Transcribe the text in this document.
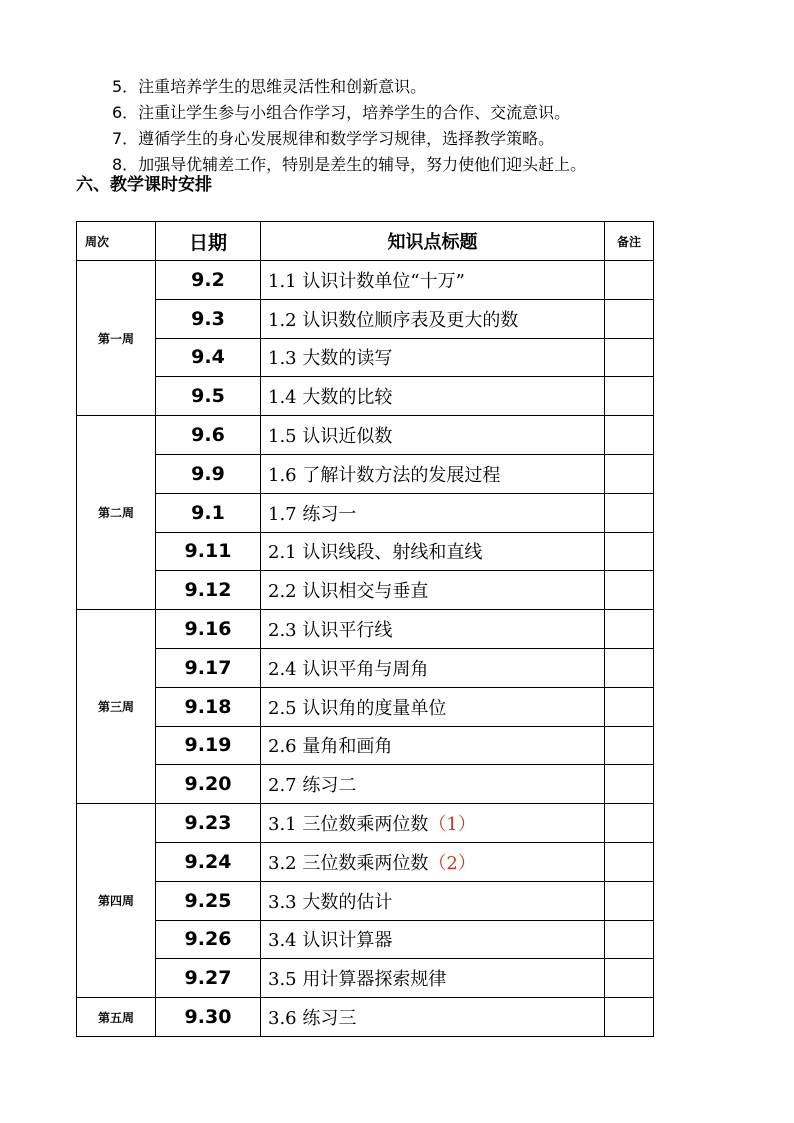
5．注重培养学生的思维灵活性和创新意识。
6．注重让学生参与小组合作学习，培养学生的合作、交流意识。
7．遵循学生的身心发展规律和数学学习规律，选择教学策略。
8．加强导优辅差工作，特别是差生的辅导，努力使他们迎头赶上。
六、教学课时安排
周次	日期	知识点标题	备注
第一周	9.2	1.1 认识计数单位“十万”	
	9.3	1.2 认识数位顺序表及更大的数	
	9.4	1.3 大数的读写	
	9.5	1.4 大数的比较	
第二周	9.6	1.5 认识近似数	
	9.9	1.6 了解计数方法的发展过程	
	9.1	1.7 练习一	
	9.11	2.1 认识线段、射线和直线	
	9.12	2.2 认识相交与垂直	
第三周	9.16	2.3 认识平行线	
	9.17	2.4 认识平角与周角	
	9.18	2.5 认识角的度量单位	
	9.19	2.6 量角和画角	
	9.20	2.7 练习二	
第四周	9.23	3.1 三位数乘两位数（1）	
	9.24	3.2 三位数乘两位数（2）	
	9.25	3.3 大数的估计	
	9.26	3.4 认识计算器	
	9.27	3.5 用计算器探索规律	
第五周	9.30	3.6 练习三	
